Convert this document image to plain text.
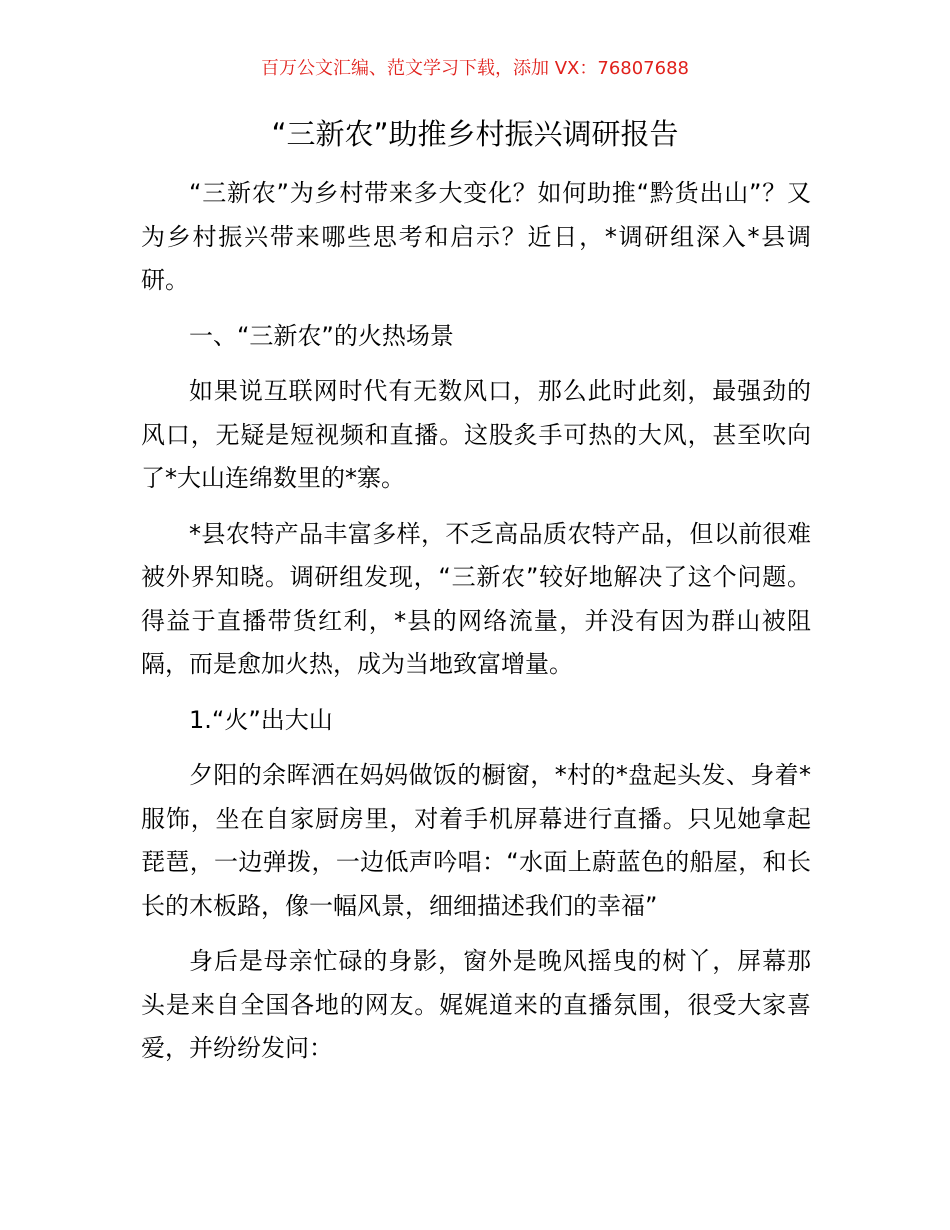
百万公文汇编、范文学习下载，添加 VX：76807688
“三新农”助推乡村振兴调研报告

“三新农”为乡村带来多大变化？如何助推“黔货出山”？又为乡村振兴带来哪些思考和启示？近日，*调研组深入*县调研。

一、“三新农”的火热场景

如果说互联网时代有无数风口，那么此时此刻，最强劲的风口，无疑是短视频和直播。这股炙手可热的大风，甚至吹向了*大山连绵数里的*寨。

*县农特产品丰富多样，不乏高品质农特产品，但以前很难被外界知晓。调研组发现，“三新农”较好地解决了这个问题。得益于直播带货红利，*县的网络流量，并没有因为群山被阻隔，而是愈加火热，成为当地致富增量。

1.“火”出大山

夕阳的余晖洒在妈妈做饭的橱窗，*村的*盘起头发、身着*服饰，坐在自家厨房里，对着手机屏幕进行直播。只见她拿起琵琶，一边弹拨，一边低声吟唱：“水面上蔚蓝色的船屋，和长长的木板路，像一幅风景，细细描述我们的幸福”

身后是母亲忙碌的身影，窗外是晚风摇曳的树丫，屏幕那头是来自全国各地的网友。娓娓道来的直播氛围，很受大家喜爱，并纷纷发问：
